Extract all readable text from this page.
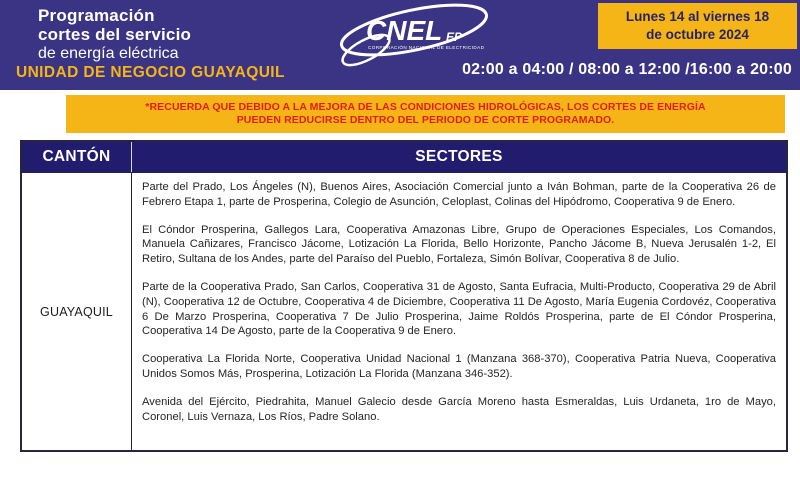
Programación
cortes del servicio
de energía eléctrica
UNIDAD DE NEGOCIO GUAYAQUIL
CNEL EP
CORPORACIÓN NACIONAL DE ELECTRICIDAD
Lunes 14 al viernes 18
de octubre 2024
02:00 a 04:00 / 08:00 a 12:00 /16:00 a 20:00
*RECUERDA QUE DEBIDO A LA MEJORA DE LAS CONDICIONES HIDROLÓGICAS, LOS CORTES DE ENERGÍA
PUEDEN REDUCIRSE DENTRO DEL PERIODO DE CORTE PROGRAMADO.
CANTÓN	SECTORES
GUAYAQUIL

Parte del Prado, Los Ángeles (N), Buenos Aires, Asociación Comercial junto a Iván Bohman, parte de la Cooperativa 26 de Febrero Etapa 1, parte de Prosperina, Colegio de Asunción, Celoplast, Colinas del Hipódromo, Cooperativa 9 de Enero.

El Cóndor Prosperina, Gallegos Lara, Cooperativa Amazonas Libre, Grupo de Operaciones Especiales, Los Comandos, Manuela Cañizares, Francisco Jácome, Lotización La Florida, Bello Horizonte, Pancho Jácome B, Nueva Jerusalén 1-2, El Retiro, Sultana de los Andes, parte del Paraíso del Pueblo, Fortaleza, Simón Bolívar, Cooperativa 8 de Julio.

Parte de la Cooperativa Prado, San Carlos, Cooperativa 31 de Agosto, Santa Eufracia, Multi-Producto, Cooperativa 29 de Abril (N), Cooperativa 12 de Octubre, Cooperativa 4 de Diciembre, Cooperativa 11 De Agosto, María Eugenia Cordovéz, Cooperativa 6 De Marzo Prosperina, Cooperativa 7 De Julio Prosperina, Jaime Roldós Prosperina, parte de El Cóndor Prosperina, Cooperativa 14 De Agosto, parte de la Cooperativa 9 de Enero.

Cooperativa La Florida Norte, Cooperativa Unidad Nacional 1 (Manzana 368-370), Cooperativa Patria Nueva, Cooperativa Unidos Somos Más, Prosperina, Lotización La Florida (Manzana 346-352).

Avenida del Ejército, Piedrahita, Manuel Galecio desde García Moreno hasta Esmeraldas, Luis Urdaneta, 1ro de Mayo, Coronel, Luis Vernaza, Los Ríos, Padre Solano.
